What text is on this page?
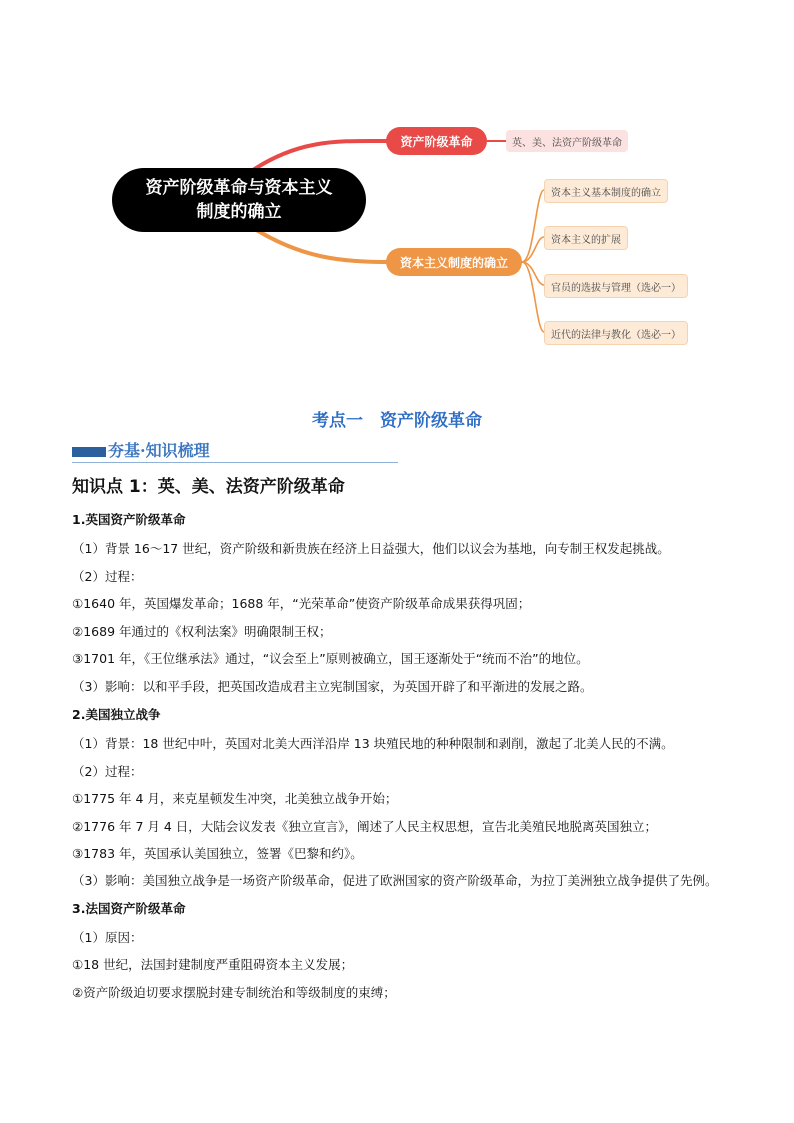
资产阶级革命与资本主义
制度的确立
资产阶级革命
资本主义制度的确立
英、美、法资产阶级革命
资本主义基本制度的确立
资本主义的扩展
官员的选拔与管理（选必一）
近代的法律与教化（选必一）
考点一　资产阶级革命
夯基·知识梳理
知识点 1：英、美、法资产阶级革命
1.英国资产阶级革命

（1）背景 16～17 世纪，资产阶级和新贵族在经济上日益强大，他们以议会为基地，向专制王权发起挑战。

（2）过程：

①1640 年，英国爆发革命；1688 年，“光荣革命”使资产阶级革命成果获得巩固；

②1689 年通过的《权利法案》明确限制王权；

③1701 年，《王位继承法》通过，“议会至上”原则被确立，国王逐渐处于“统而不治”的地位。

（3）影响：以和平手段，把英国改造成君主立宪制国家，为英国开辟了和平渐进的发展之路。

2.美国独立战争

（1）背景：18 世纪中叶，英国对北美大西洋沿岸 13 块殖民地的种种限制和剥削，激起了北美人民的不满。

（2）过程：

①1775 年 4 月，来克星顿发生冲突，北美独立战争开始；

②1776 年 7 月 4 日，大陆会议发表《独立宣言》，阐述了人民主权思想，宣告北美殖民地脱离英国独立；

③1783 年，英国承认美国独立，签署《巴黎和约》。

（3）影响：美国独立战争是一场资产阶级革命，促进了欧洲国家的资产阶级革命，为拉丁美洲独立战争提供了先例。

3.法国资产阶级革命

（1）原因：

①18 世纪，法国封建制度严重阻碍资本主义发展；

②资产阶级迫切要求摆脱封建专制统治和等级制度的束缚；
